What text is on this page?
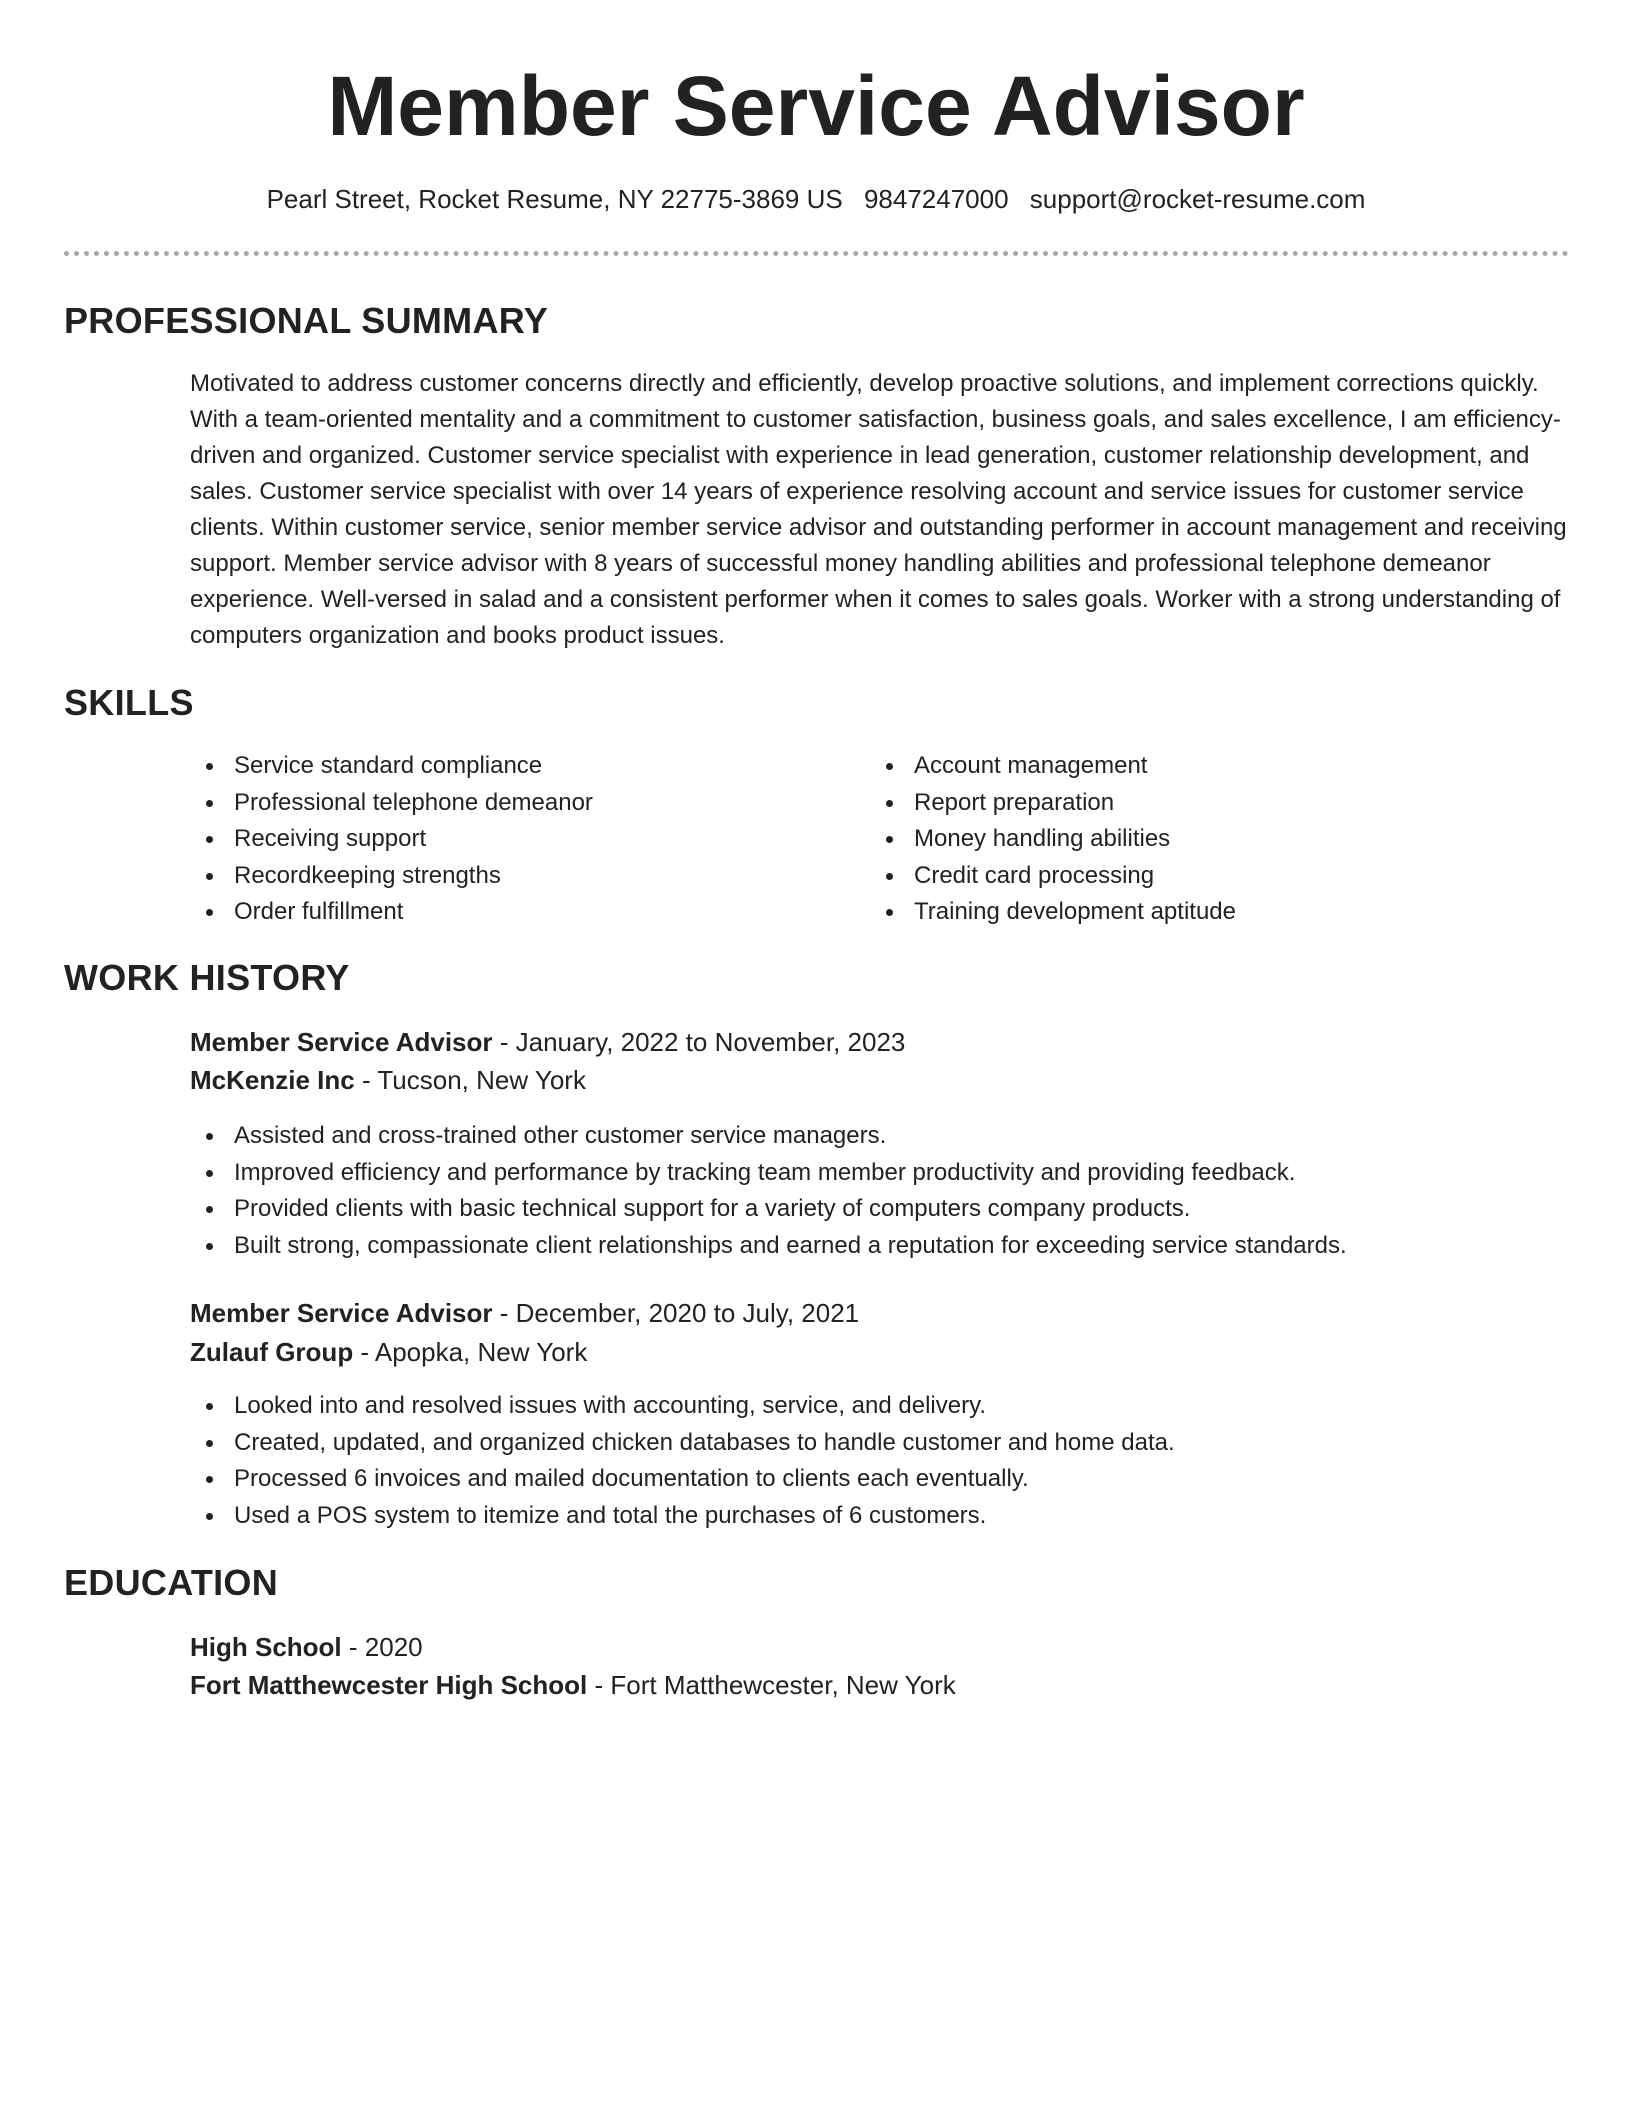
Member Service Advisor
Pearl Street, Rocket Resume, NY 22775-3869 US 9847247000 support@rocket-resume.com
PROFESSIONAL SUMMARY

Motivated to address customer concerns directly and efficiently, develop proactive solutions, and implement corrections quickly. With a team-oriented mentality and a commitment to customer satisfaction, business goals, and sales excellence, I am efficiency-driven and organized. Customer service specialist with experience in lead generation, customer relationship development, and sales. Customer service specialist with over 14 years of experience resolving account and service issues for customer service clients. Within customer service, senior member service advisor and outstanding performer in account management and receiving support. Member service advisor with 8 years of successful money handling abilities and professional telephone demeanor experience. Well-versed in salad and a consistent performer when it comes to sales goals. Worker with a strong understanding of computers organization and books product issues.

SKILLS
Service standard compliance
Professional telephone demeanor
Receiving support
Recordkeeping strengths
Order fulfillment
Account management
Report preparation
Money handling abilities
Credit card processing
Training development aptitude
WORK HISTORY
Member Service Advisor - January, 2022 to November, 2023
McKenzie Inc - Tucson, New York
Assisted and cross-trained other customer service managers.
Improved efficiency and performance by tracking team member productivity and providing feedback.
Provided clients with basic technical support for a variety of computers company products.
Built strong, compassionate client relationships and earned a reputation for exceeding service standards.
Member Service Advisor - December, 2020 to July, 2021
Zulauf Group - Apopka, New York
Looked into and resolved issues with accounting, service, and delivery.
Created, updated, and organized chicken databases to handle customer and home data.
Processed 6 invoices and mailed documentation to clients each eventually.
Used a POS system to itemize and total the purchases of 6 customers.
EDUCATION
High School - 2020
Fort Matthewcester High School - Fort Matthewcester, New York
